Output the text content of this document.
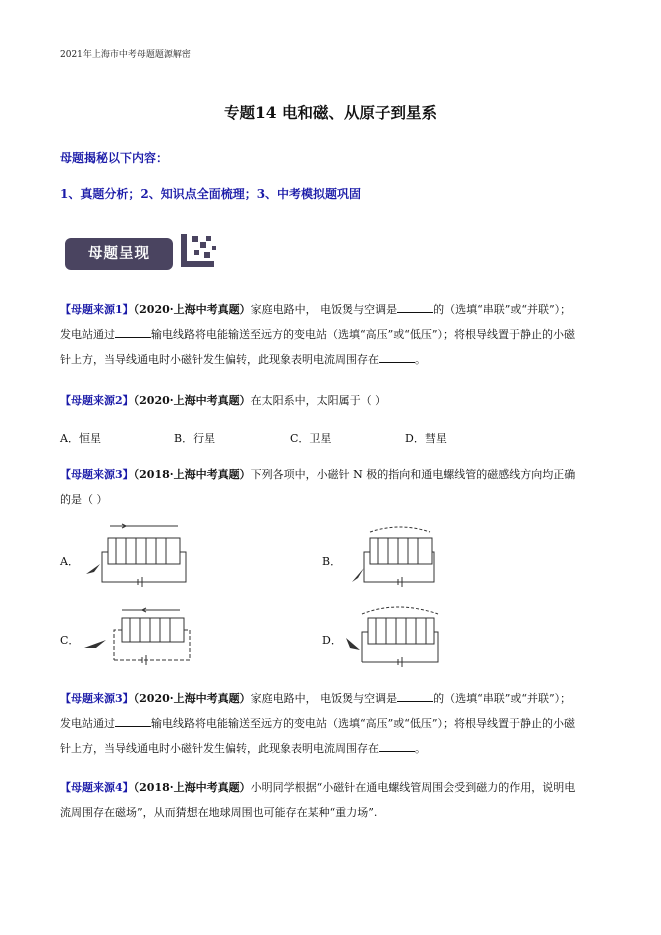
2021年上海市中考母题题源解密
专题14 电和磁、从原子到星系
母题揭秘以下内容：
1、真题分析；2、知识点全面梳理；3、中考模拟题巩固
母题呈现
【母题来源1】（2020·上海中考真题）家庭电路中， 电饭煲与空调是	的（选填“串联”或“并联”）；
发电站通过	输电线路将电能输送至远方的变电站（选填“高压”或“低压”）；将根导线置于静止的小磁
针上方，当导线通电时小磁针发生偏转，此现象表明电流周围存在	。
【母题来源2】（2020·上海中考真题）在太阳系中，太阳属于（ ）
A．恒星	B．行星	C．卫星	D．彗星
【母题来源3】（2018·上海中考真题）下列各项中，小磁针 N 极的指向和通电螺线管的磁感线方向均正确
的是（ ）
A．	B．
C．	D．
【母题来源3】（2020·上海中考真题）家庭电路中， 电饭煲与空调是	的（选填“串联”或“并联”）；
发电站通过	输电线路将电能输送至远方的变电站（选填“高压”或“低压”）；将根导线置于静止的小磁
针上方，当导线通电时小磁针发生偏转，此现象表明电流周围存在	。
【母题来源4】（2018·上海中考真题）小明同学根据“小磁针在通电螺线管周围会受到磁力的作用，说明电
流周围存在磁场”，从而猜想在地球周围也可能存在某种“重力场”.
